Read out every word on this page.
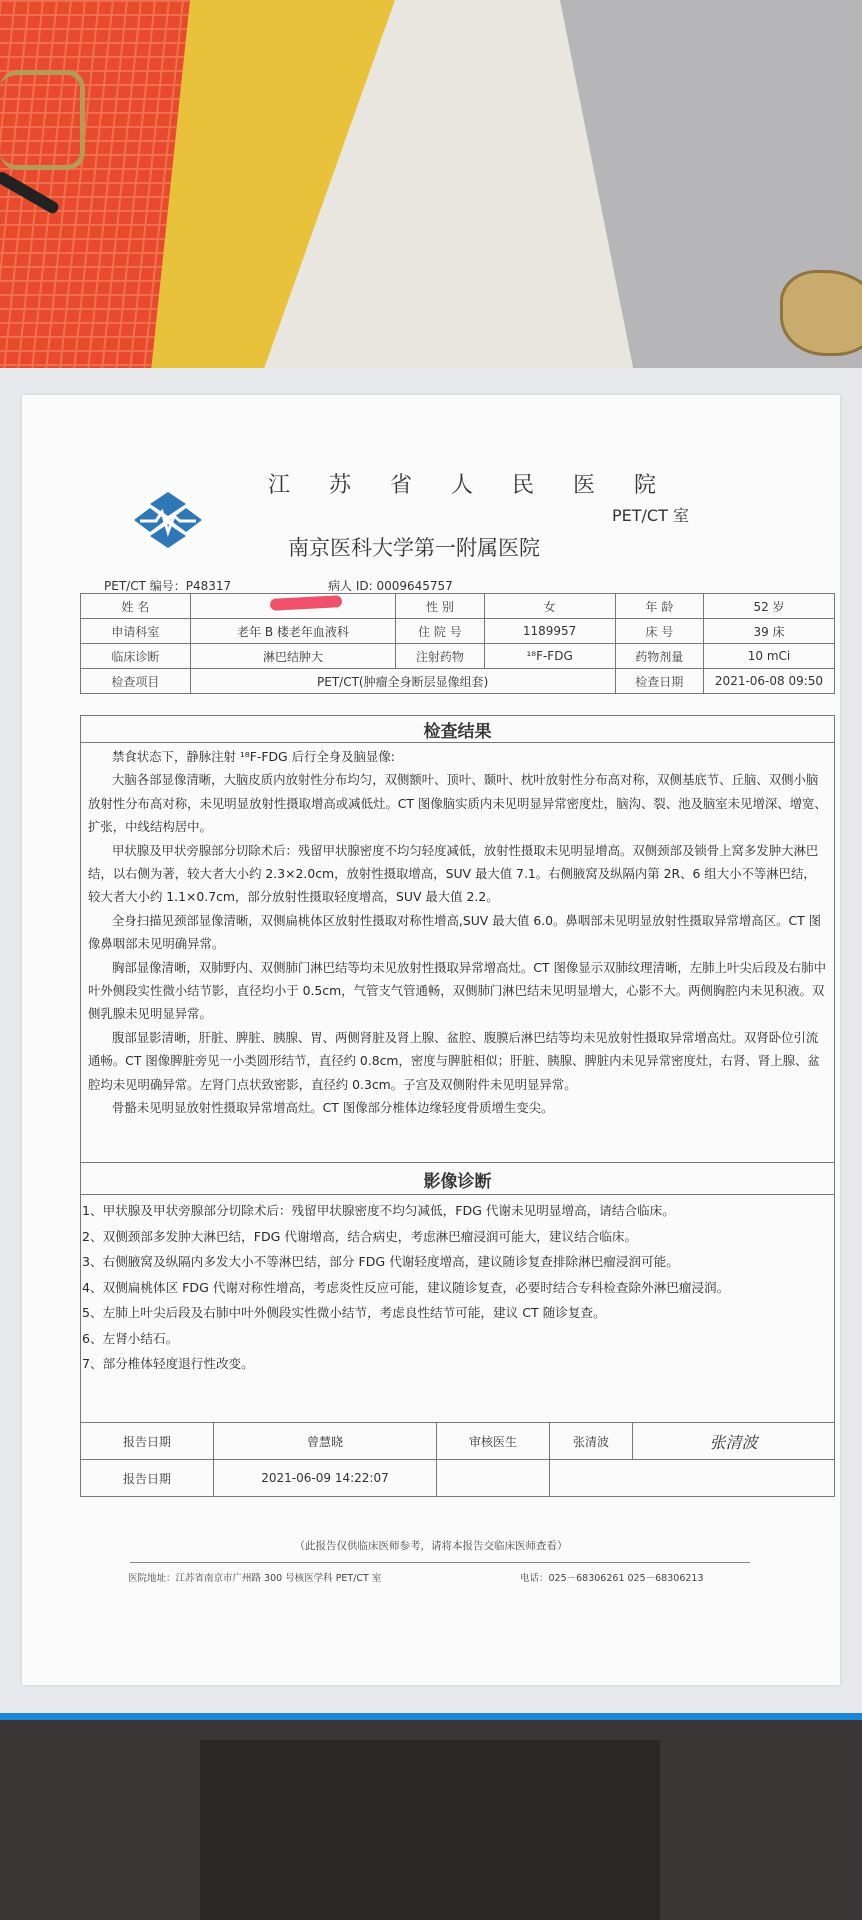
江 苏 省 人 民 医 院
南京医科大学第一附属医院
PET/CT 室
PET/CT 编号：P48317	病人 ID: 0009645757
姓 名		性 别	女	年 龄	52 岁
申请科室	老年 B 楼老年血液科	住 院 号	1189957	床 号	39 床
临床诊断	淋巴结肿大	注射药物	¹⁸F-FDG	药物剂量	10 mCi
检查项目	PET/CT(肿瘤全身断层显像组套)			检查日期	2021-06-08 09:50
检查结果

禁食状态下，静脉注射 ¹⁸F-FDG 后行全身及脑显像:

大脑各部显像清晰，大脑皮质内放射性分布均匀，双侧额叶、顶叶、颞叶、枕叶放射性分布高对称，双侧基底节、丘脑、双侧小脑放射性分布高对称，未见明显放射性摄取增高或减低灶。CT 图像脑实质内未见明显异常密度灶，脑沟、裂、池及脑室未见增深、增宽、扩张，中线结构居中。

甲状腺及甲状旁腺部分切除术后：残留甲状腺密度不均匀轻度减低，放射性摄取未见明显增高。双侧颈部及锁骨上窝多发肿大淋巴结，以右侧为著，较大者大小约 2.3×2.0cm，放射性摄取增高，SUV 最大值 7.1。右侧腋窝及纵隔内第 2R、6 组大小不等淋巴结，较大者大小约 1.1×0.7cm，部分放射性摄取轻度增高，SUV 最大值 2.2。

全身扫描见颈部显像清晰，双侧扁桃体区放射性摄取对称性增高,SUV 最大值 6.0。鼻咽部未见明显放射性摄取异常增高区。CT 图像鼻咽部未见明确异常。

胸部显像清晰，双肺野内、双侧肺门淋巴结等均未见放射性摄取异常增高灶。CT 图像显示双肺纹理清晰，左肺上叶尖后段及右肺中叶外侧段实性微小结节影，直径均小于 0.5cm，气管支气管通畅，双侧肺门淋巴结未见明显增大，心影不大。两侧胸腔内未见积液。双侧乳腺未见明显异常。

腹部显影清晰，肝脏、脾脏、胰腺、胃、两侧肾脏及肾上腺、盆腔、腹膜后淋巴结等均未见放射性摄取异常增高灶。双肾卧位引流通畅。CT 图像脾脏旁见一小类圆形结节，直径约 0.8cm，密度与脾脏相似；肝脏、胰腺、脾脏内未见异常密度灶，右肾、肾上腺、盆腔均未见明确异常。左肾门点状致密影，直径约 0.3cm。子宫及双侧附件未见明显异常。

骨骼未见明显放射性摄取异常增高灶。CT 图像部分椎体边缘轻度骨质增生变尖。

影像诊断
1、甲状腺及甲状旁腺部分切除术后：残留甲状腺密度不均匀减低，FDG 代谢未见明显增高，请结合临床。
2、双侧颈部多发肿大淋巴结，FDG 代谢增高，结合病史，考虑淋巴瘤浸润可能大，建议结合临床。
3、右侧腋窝及纵隔内多发大小不等淋巴结，部分 FDG 代谢轻度增高，建议随诊复查排除淋巴瘤浸润可能。
4、双侧扁桃体区 FDG 代谢对称性增高，考虑炎性反应可能，建议随诊复查，必要时结合专科检查除外淋巴瘤浸润。
5、左肺上叶尖后段及右肺中叶外侧段实性微小结节，考虑良性结节可能，建议 CT 随诊复查。
6、左肾小结石。
7、部分椎体轻度退行性改变。
报告日期	曾慧晓	审核医生	张清波	张清波
报告日期	2021-06-09 14:22:07			
（此报告仅供临床医师参考，请将本报告交临床医师查看）
医院地址：江苏省南京市广州路 300 号核医学科 PET/CT 室	电话：025－68306261 025－68306213
